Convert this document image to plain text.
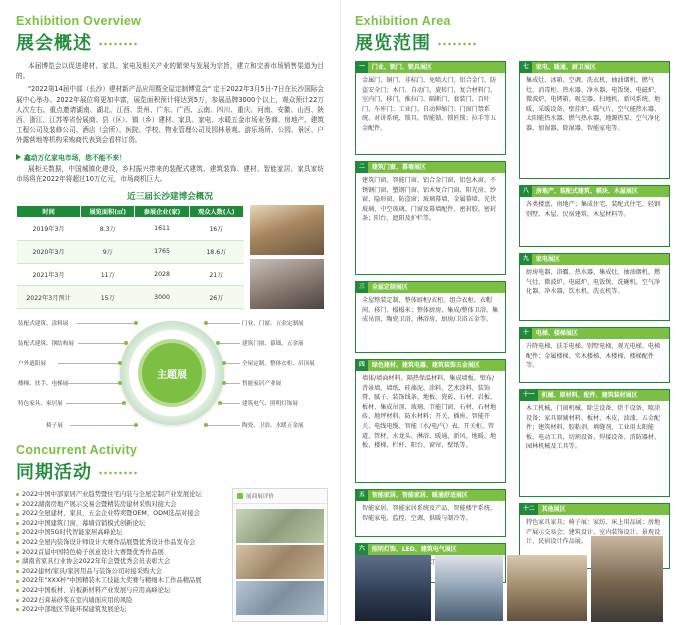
Exhibition Overview
展会概述

本届博览会以促进建材、家具、家电及相关产业的繁荣与发展为宗旨，建立和完善市场销售渠道为目的。

"2022第14届中部（长沙）建材新产品应用暨全屋定制博览会" 定于2022年3月5日-7日在长沙国际会展中心举办。2022年展位将更加丰富，展览面积预计将达到5万，参展品牌3000个以上，观众预计22万人次左右。重点邀请湖南、湖北、江西、贵州、广东、广西、云南、四川、重庆、河南、安徽、山西、陕西、浙江、江苏等省份展商、县（区）、镇（乡）建材、家具、家电、水暖五金市场业务商、房地产、建筑工程公司及装修公司、酒店（会所）、医院、学校、物业管理公司及园林景观、游乐场所、公园、景区、户外露营地等机构采购商代表到会看样订货。

鑫动万亿家电市场，您不能不来！

展柜关数据，中国城镇化建设，乡村振兴带来的装配式建筑、建筑装饰、建材、智能家居、家具家纺市场将在2022年将超过10万亿元，市场商机巨大。

近三届长沙建博会概况
时间	展览面积(㎡)	参展企业(家)	观众人数(人)
2019年3月	8.3万	1611	16万
2020年3月	9万	1765	18.6万
2021年3月	11万	2028	21万
2022年3月预计	15万	3000	26万
主题展
装配式建筑、涂料展
装配式建筑、钢结构展
户外遮阳展
楼梯、扶手、电梯展
特色家具、家居展
椅子展
门业、门窗、五金定制展
建筑门窗、幕墙、五金展
全屋定制、整体衣柜、吊顶展
智能家居产业展
建筑电气、照明灯饰展
陶瓷、卫浴、水暖五金展
Concurrent Activity
同期活动
2022中国中部家居产业趋势暨住宅内装与全屋定制产业发展论坛
2022湖南房地产展示交易会暨精装房建材采购对接大会
2022全屋建材、家具、五金企业特卖暨OEM、ODM选品对接会
2022中国建筑门窗、幕墙营销模式创新论坛
2022中国5G时代智能家居高峰论坛
2022全屋内装饰设计师设计大赛作品展暨优秀设计作品发布会
2022首届中国特色椅子创意设计大赛暨优秀作品展
湖南省家具行业协会2022年年会暨优秀会员表彰大会
2022建材/家具/家居用品与装饰公司对接采购大会
2022年"XXX杯"中国精装木工技能大奖赛与精细木工作品精品展
2022中国板材、岩板新材料产业发展与应用高峰论坛
2022石膏基砂浆在室内墙面应用的风险
2022中部地区节能环保建筑发展论坛
展商展评价
Exhibition Area
展览范围
一	门业、锁门、锁具展区
金属门、铜门、非标门、免喷大门、铝合金门、防盗安全门；木门、自动门、旋转门、复合材料门、室内门、移门、推拉门、隔断门、套装门、百叶门、车库门；工业门、自动伸缩门；门窗门禁系统、对讲系统、锁具、智能锁、锁匠锁；拉手等五金配件。
二	建筑门窗、幕墙展区
建筑门窗、智能门窗、铝合金门窗、铝包木窗、不锈钢门窗、塑钢门窗、铝木复合门窗、阳光房、纱窗、隐形窗、防盗窗；玻璃幕墙、金属幕墙、光伏玻璃、中空玻璃、门窗及幕墙配件、密封胶、密封条；阳台、遮阳及护栏等。
三	全屋定制展区
全屋整装定制、整体厨柜/衣柜、组合衣柜、衣帽间、移门、榻榻米；整体厨房、集成/整体卫浴、集成吊顶、陶瓷卫浴、淋浴房、厨房/卫浴五金等。
四	绿色建材、建筑电器、建筑装饰五金展区
墙体/墙面材料、隔热保温材料、集成墙板、壁布/背景墙、墙纸、硅藻泥、涂料、艺术涂料、装饰膏、腻子、装饰线条、地板、瓷砖、石材、岩板、板材、集成吊顶、玻璃、节能门窗、石材、石材地砖、地坪材料、防水材料；开关、插座、智能开关、电线电缆、智能（水/电/气）表、开关柜、管道、管材、水龙头、淋浴、暖通、新风、地暖、地板、楼梯、栏杆、阳台、窗帘、壁纸等。
五	智能家居、智能家居、暖通舒适展区
智能家居、智能家居系统及产品、智能楼宇系统、智能家电、监控、空调、供暖与制冷等。
六	照明灯饰、LED、建筑电气展区
七	家电、暖通、厨卫展区
集成灶、冰箱、空调、洗衣机、抽油烟机、燃气灶、消毒柜、热水器、净水器、电饭煲、电磁炉、微波炉、电烤箱、吸尘器、扫地机、新风系统、地暖、采暖设备、壁挂炉、暖气片、空气能热水器、太阳能热水器、燃气热水器、地源热泵、空气净化器、加湿器、除湿器、智能家电等。
八	房地产、装配式建筑、模块、木屋展区
各类楼盘、房地产；集成住宅、装配式住宅、轻钢别墅、木屋、民宿建筑、木屋材料等。
九	家电展区
厨房电器、浴霸、热水器、集成灶、抽油烟机、燃气灶、微波炉、电磁炉、电饭煲、洗碗机、空气净化器、净水器、饮水机、洗衣机等。
十	电梯、楼梯展区
升降电梯、扶手电梯、别墅电梯、观光电梯、电梯配件；金属楼梯、实木楼梯、木楼梯、楼梯配件等。
十一	机械、原材料、配件、建筑装材展区
木工机械、门窗机械、除尘设备、烘干设备、喷涂设备；家具原辅材料、板材、木皮、油漆、五金配件；建筑材料、胶粘剂、填缝剂、工业用太阳能板、电动工具、切割设备、焊接设备、消防器材、园林机械及工具等。
十二	其他展区
特色家具家具；椅子展：家纺、床上用品展；房地产展示交易会；建筑设计、室内装饰设计、景观设计、民宿设计作品展。
